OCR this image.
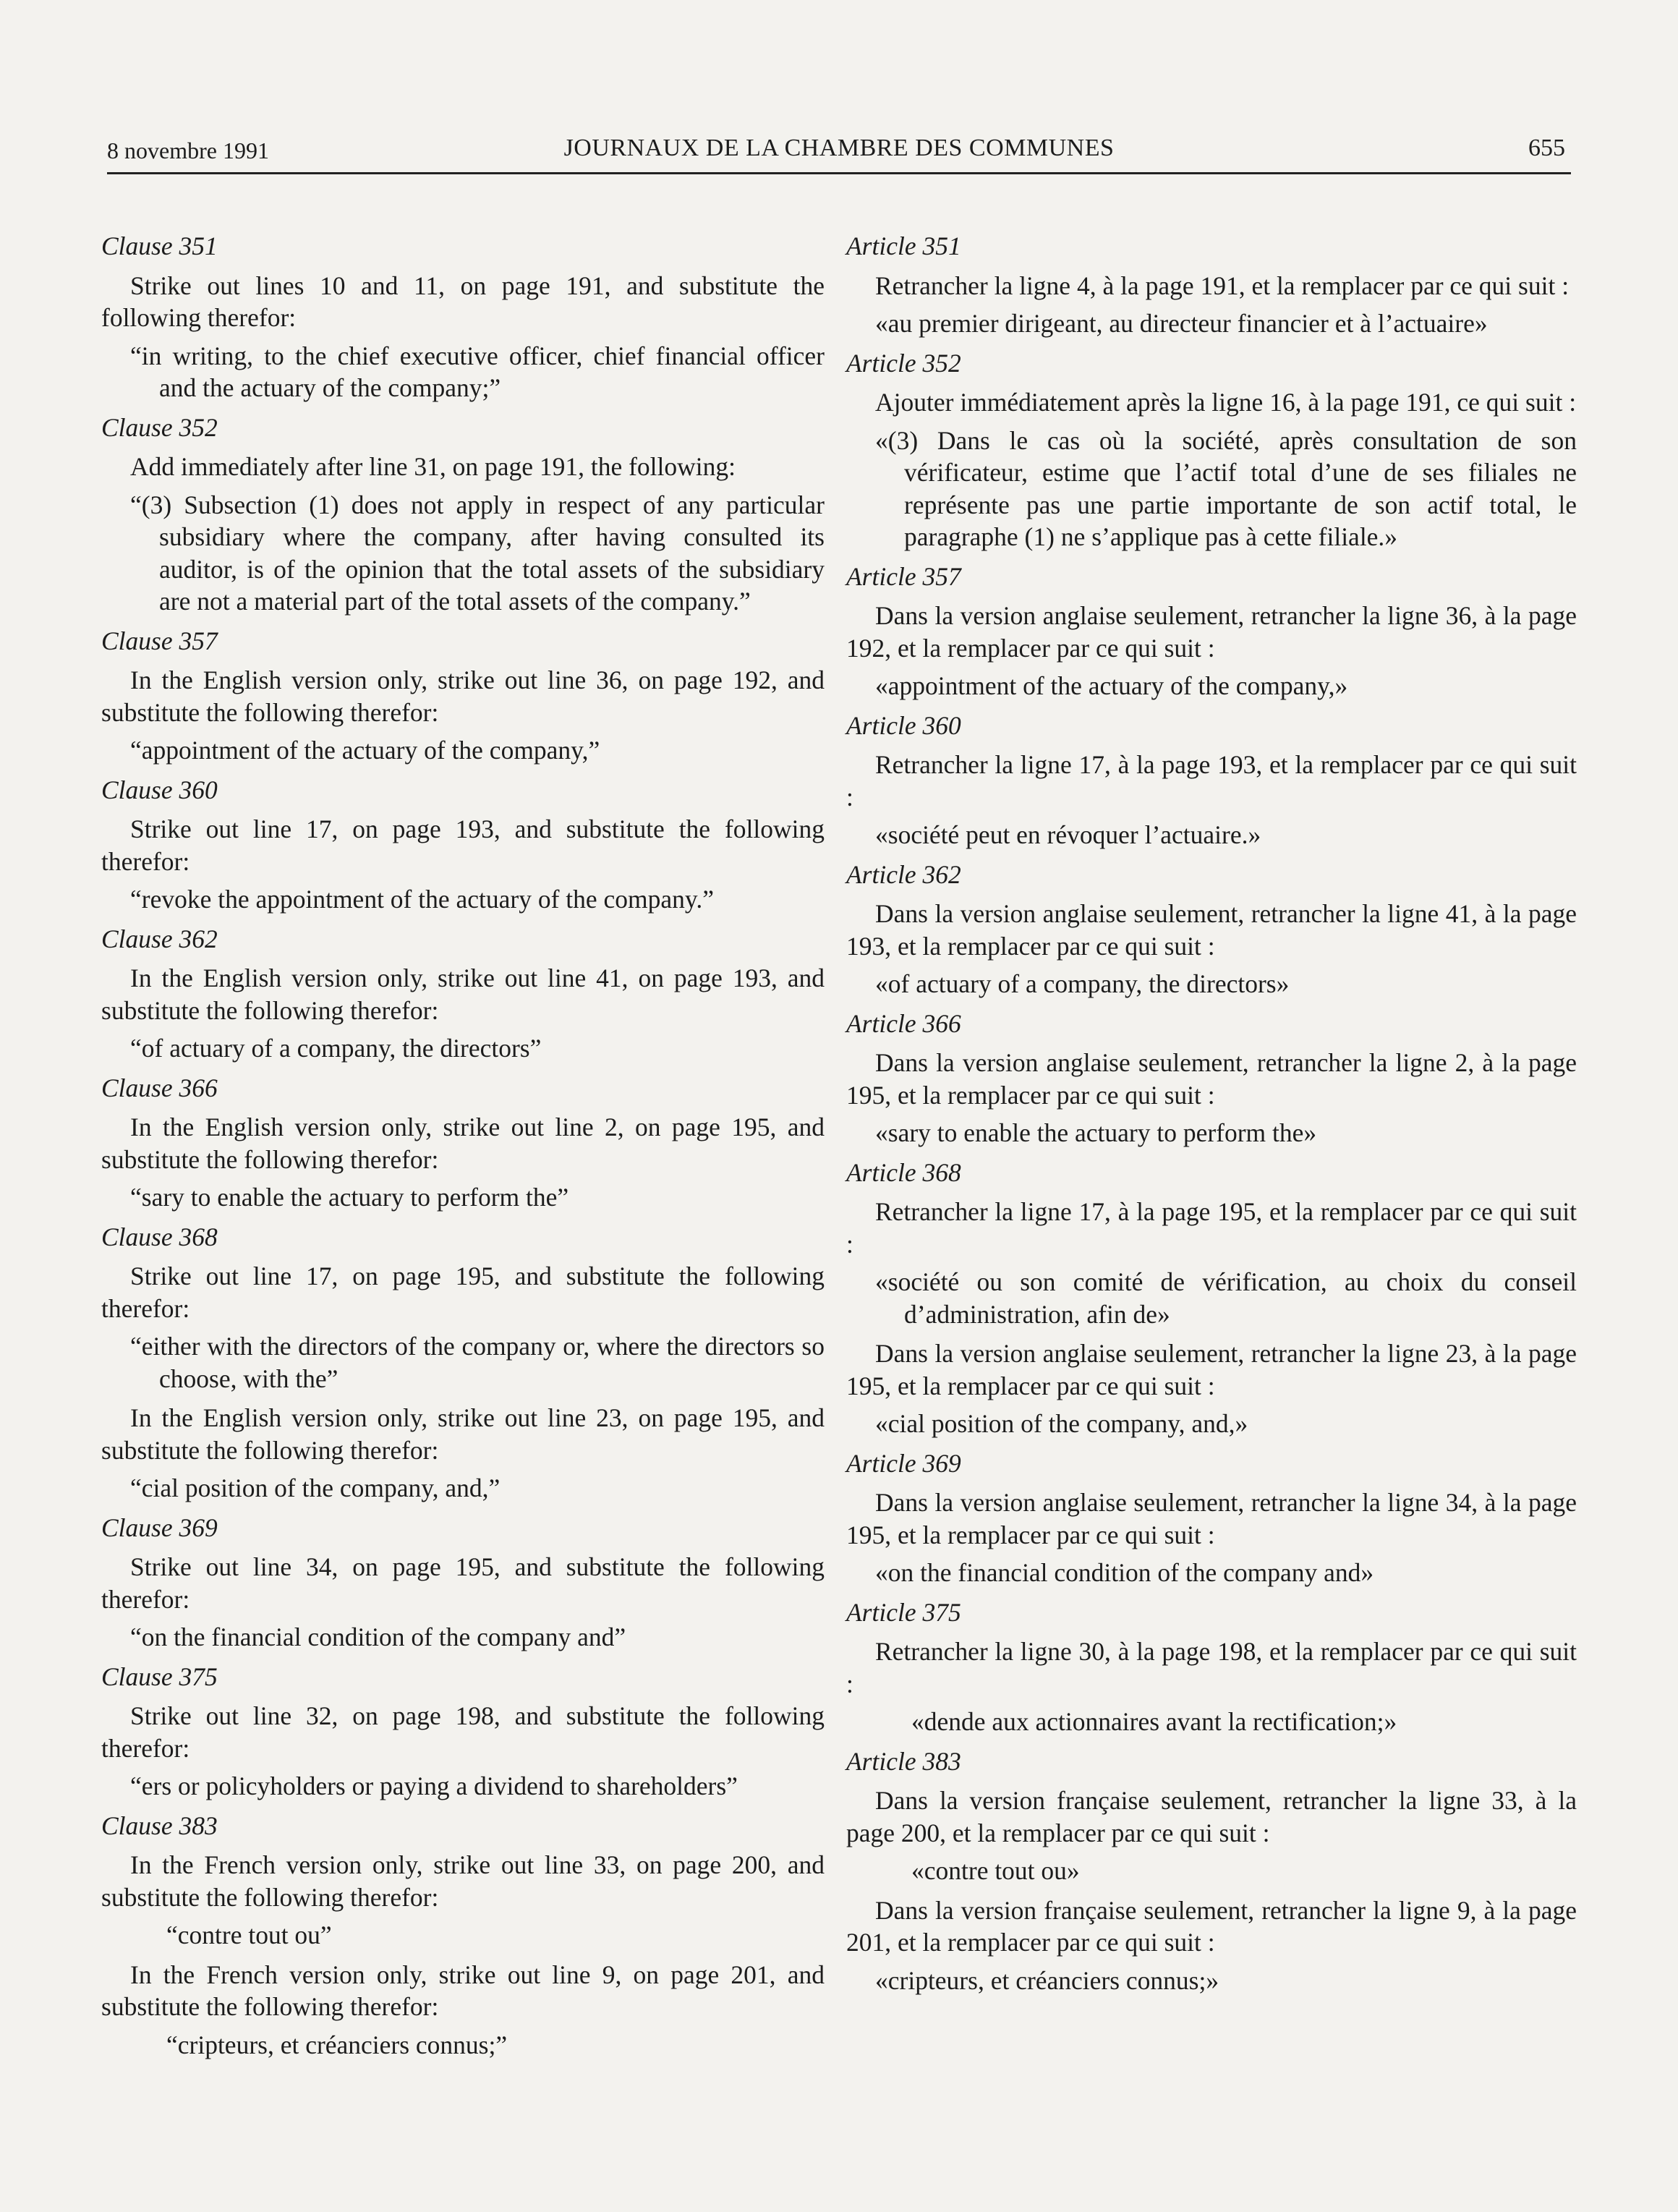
8 novembre 1991	JOURNAUX DE LA CHAMBRE DES COMMUNES	655
Clause 351
Strike out lines 10 and 11, on page 191, and substitute the following therefor:
“in writing, to the chief executive officer, chief financial officer and the actuary of the company;”
Clause 352
Add immediately after line 31, on page 191, the following:
“(3) Subsection (1) does not apply in respect of any particular subsidiary where the company, after having consulted its auditor, is of the opinion that the total assets of the subsidiary are not a material part of the total assets of the company.”
Clause 357
In the English version only, strike out line 36, on page 192, and substitute the following therefor:
“appointment of the actuary of the company,”
Clause 360
Strike out line 17, on page 193, and substitute the following therefor:
“revoke the appointment of the actuary of the company.”
Clause 362
In the English version only, strike out line 41, on page 193, and substitute the following therefor:
“of actuary of a company, the directors”
Clause 366
In the English version only, strike out line 2, on page 195, and substitute the following therefor:
“sary to enable the actuary to perform the”
Clause 368
Strike out line 17, on page 195, and substitute the following therefor:
“either with the directors of the company or, where the directors so choose, with the”
In the English version only, strike out line 23, on page 195, and substitute the following therefor:
“cial position of the company, and,”
Clause 369
Strike out line 34, on page 195, and substitute the following therefor:
“on the financial condition of the company and”
Clause 375
Strike out line 32, on page 198, and substitute the following therefor:
“ers or policyholders or paying a dividend to shareholders”
Clause 383
In the French version only, strike out line 33, on page 200, and substitute the following therefor:
“contre tout ou”
In the French version only, strike out line 9, on page 201, and substitute the following therefor:
“cripteurs, et créanciers connus;”
Article 351
Retrancher la ligne 4, à la page 191, et la remplacer par ce qui suit :
«au premier dirigeant, au directeur financier et à l’actuaire»
Article 352
Ajouter immédiatement après la ligne 16, à la page 191, ce qui suit :
«(3) Dans le cas où la société, après consultation de son vérificateur, estime que l’actif total d’une de ses filiales ne représente pas une partie importante de son actif total, le paragraphe (1) ne s’applique pas à cette filiale.»
Article 357
Dans la version anglaise seulement, retrancher la ligne 36, à la page 192, et la remplacer par ce qui suit :
«appointment of the actuary of the company,»
Article 360
Retrancher la ligne 17, à la page 193, et la remplacer par ce qui suit :
«société peut en révoquer l’actuaire.»
Article 362
Dans la version anglaise seulement, retrancher la ligne 41, à la page 193, et la remplacer par ce qui suit :
«of actuary of a company, the directors»
Article 366
Dans la version anglaise seulement, retrancher la ligne 2, à la page 195, et la remplacer par ce qui suit :
«sary to enable the actuary to perform the»
Article 368
Retrancher la ligne 17, à la page 195, et la remplacer par ce qui suit :
«société ou son comité de vérification, au choix du conseil d’administration, afin de»
Dans la version anglaise seulement, retrancher la ligne 23, à la page 195, et la remplacer par ce qui suit :
«cial position of the company, and,»
Article 369
Dans la version anglaise seulement, retrancher la ligne 34, à la page 195, et la remplacer par ce qui suit :
«on the financial condition of the company and»
Article 375
Retrancher la ligne 30, à la page 198, et la remplacer par ce qui suit :
«dende aux actionnaires avant la rectification;»
Article 383
Dans la version française seulement, retrancher la ligne 33, à la page 200, et la remplacer par ce qui suit :
«contre tout ou»
Dans la version française seulement, retrancher la ligne 9, à la page 201, et la remplacer par ce qui suit :
«cripteurs, et créanciers connus;»
